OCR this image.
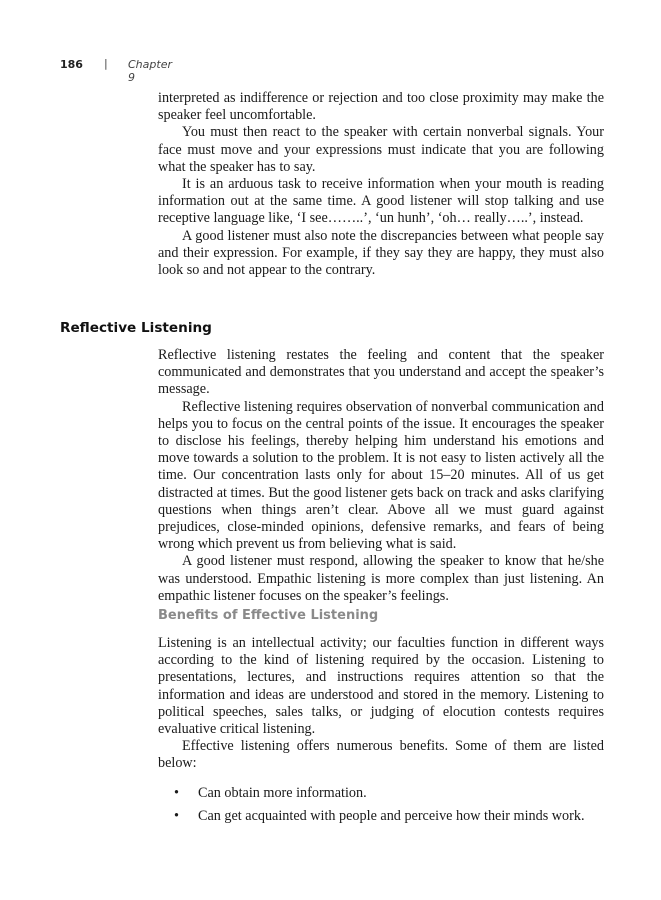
186 | Chapter 9

interpreted as indifference or rejection and too close proximity may make the speaker feel uncomfortable.

You must then react to the speaker with certain nonverbal signals. Your face must move and your expressions must indicate that you are following what the speaker has to say.

It is an arduous task to receive information when your mouth is reading information out at the same time. A good listener will stop talking and use receptive language like, ‘I see……..’, ‘un hunh’, ‘oh… really…..’, instead.

A good listener must also note the discrepancies between what people say and their expression. For example, if they say they are happy, they must also look so and not appear to the contrary.

Reflective Listening

Reflective listening restates the feeling and content that the speaker communicated and demonstrates that you understand and accept the speaker’s message.

Reflective listening requires observation of nonverbal communication and helps you to focus on the central points of the issue. It encourages the speaker to disclose his feelings, thereby helping him understand his emotions and move towards a solution to the problem. It is not easy to listen actively all the time. Our concentration lasts only for about 15–20 minutes. All of us get distracted at times. But the good listener gets back on track and asks clarifying questions when things aren’t clear. Above all we must guard against prejudices, close-minded opinions, defensive remarks, and fears of being wrong which prevent us from believing what is said.

A good listener must respond, allowing the speaker to know that he/she was understood. Empathic listening is more complex than just listening. An empathic listener focuses on the speaker’s feelings.

Benefits of Effective Listening

Listening is an intellectual activity; our faculties function in different ways according to the kind of listening required by the occasion. Listening to presentations, lectures, and instructions requires attention so that the information and ideas are understood and stored in the memory. Listening to political speeches, sales talks, or judging of elocution contests requires evaluative critical listening.

Effective listening offers numerous benefits. Some of them are listed below:

• Can obtain more information.
• Can get acquainted with people and perceive how their minds work.
